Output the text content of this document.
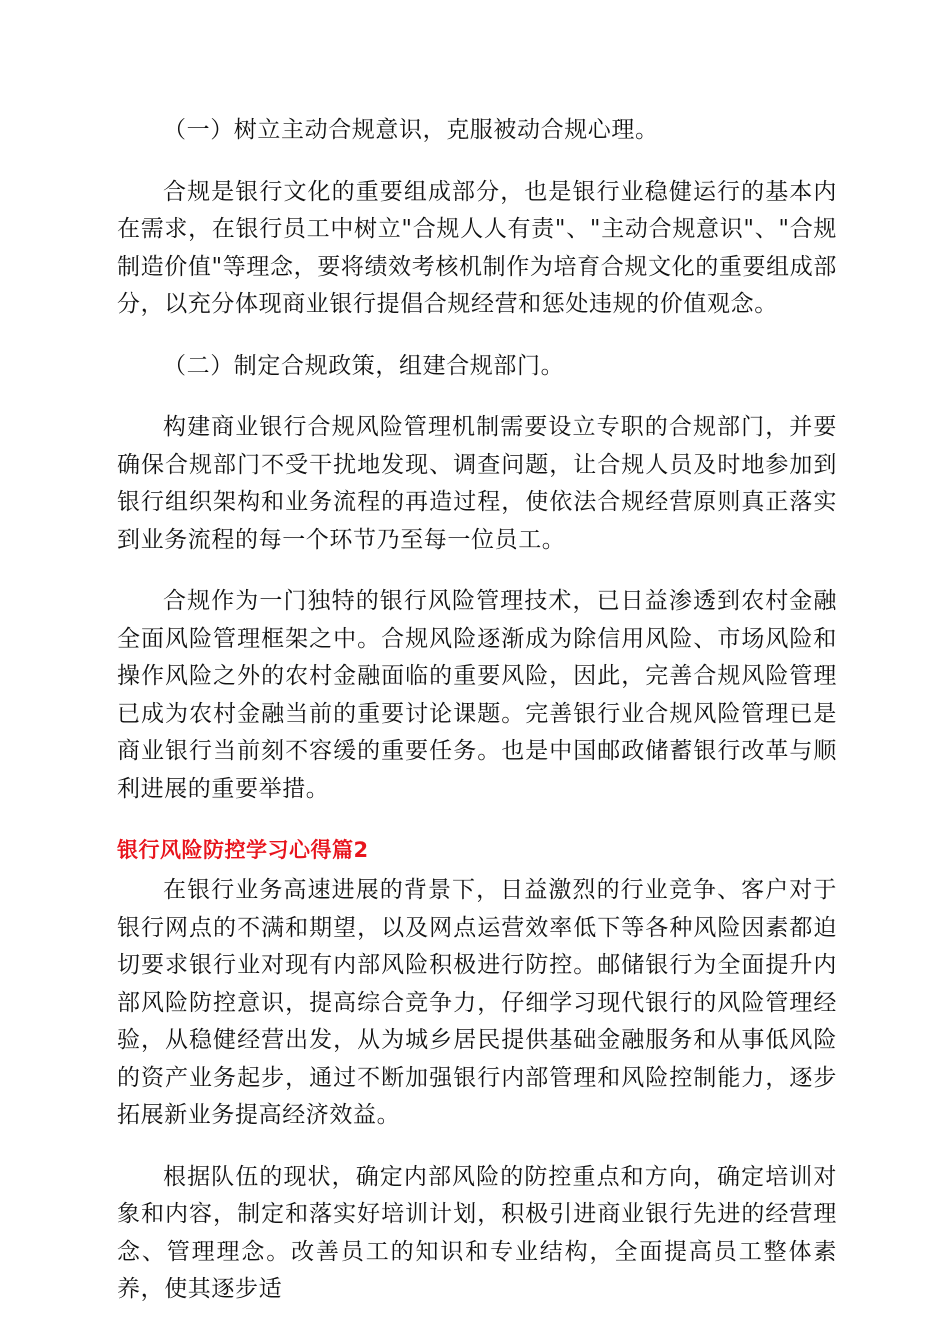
（一）树立主动合规意识，克服被动合规心理。

合规是银行文化的重要组成部分，也是银行业稳健运行的基本内在需求，在银行员工中树立"合规人人有责"、"主动合规意识"、"合规制造价值"等理念，要将绩效考核机制作为培育合规文化的重要组成部分，以充分体现商业银行提倡合规经营和惩处违规的价值观念。

（二）制定合规政策，组建合规部门。

构建商业银行合规风险管理机制需要设立专职的合规部门，并要确保合规部门不受干扰地发现、调查问题，让合规人员及时地参加到银行组织架构和业务流程的再造过程，使依法合规经营原则真正落实到业务流程的每一个环节乃至每一位员工。

合规作为一门独特的银行风险管理技术，已日益渗透到农村金融全面风险管理框架之中。合规风险逐渐成为除信用风险、市场风险和操作风险之外的农村金融面临的重要风险，因此，完善合规风险管理已成为农村金融当前的重要讨论课题。完善银行业合规风险管理已是商业银行当前刻不容缓的重要任务。也是中国邮政储蓄银行改革与顺利进展的重要举措。

银行风险防控学习心得篇2

在银行业务高速进展的背景下，日益激烈的行业竞争、客户对于银行网点的不满和期望，以及网点运营效率低下等各种风险因素都迫切要求银行业对现有内部风险积极进行防控。邮储银行为全面提升内部风险防控意识，提高综合竞争力，仔细学习现代银行的风险管理经验，从稳健经营出发，从为城乡居民提供基础金融服务和从事低风险的资产业务起步，通过不断加强银行内部管理和风险控制能力，逐步拓展新业务提高经济效益。

根据队伍的现状，确定内部风险的防控重点和方向，确定培训对象和内容，制定和落实好培训计划，积极引进商业银行先进的经营理念、管理理念。改善员工的知识和专业结构，全面提高员工整体素养，使其逐步适
